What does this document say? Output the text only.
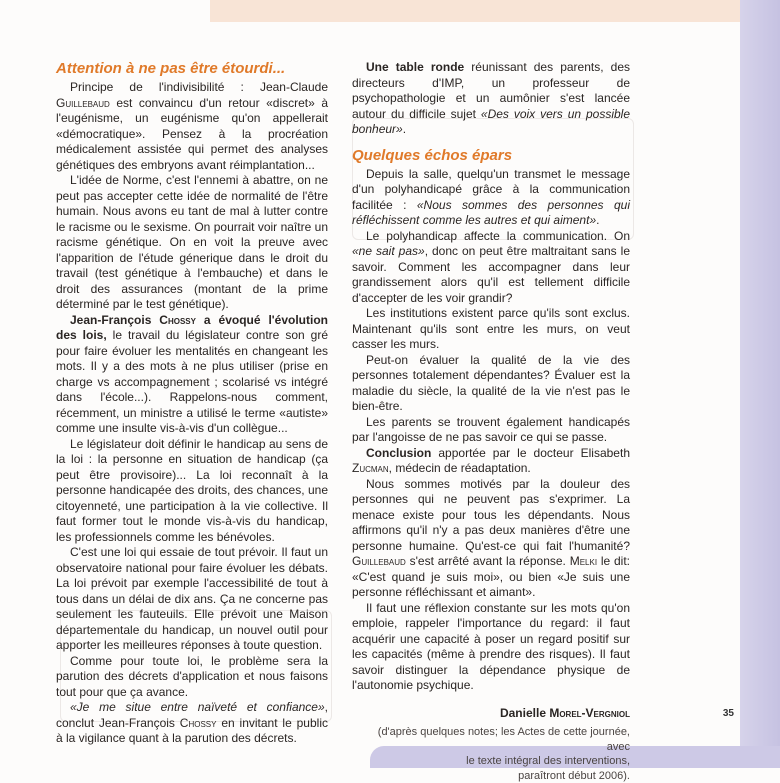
Attention à ne pas être étourdi...

Principe de l'indivisibilité : Jean-Claude Guillebaud est convaincu d'un retour «discret» à l'eugénisme, un eugénisme qu'on appellerait «démocratique». Pensez à la procréation médicalement assistée qui permet des analyses génétiques des embryons avant réimplantation...

L'idée de Norme, c'est l'ennemi à abattre, on ne peut pas accepter cette idée de normalité de l'être humain. Nous avons eu tant de mal à lutter contre le racisme ou le sexisme. On pourrait voir naître un racisme génétique. On en voit la preuve avec l'apparition de l'étude génerique dans le droit du travail (test génétique à l'embauche) et dans le droit des assurances (montant de la prime déterminé par le test génétique).

Jean-François Chossy a évoqué l'évolution des lois, le travail du législateur contre son gré pour faire évoluer les mentalités en changeant les mots. Il y a des mots à ne plus utiliser (prise en charge vs accompagnement ; scolarisé vs intégré dans l'école...). Rappelons-nous comment, récemment, un ministre a utilisé le terme «autiste» comme une insulte vis-à-vis d'un collègue...

Le législateur doit définir le handicap au sens de la loi : la personne en situation de handicap (ça peut être provisoire)... La loi reconnaît à la personne handicapée des droits, des chances, une citoyenneté, une participation à la vie collective. Il faut former tout le monde vis-à-vis du handicap, les professionnels comme les bénévoles.

C'est une loi qui essaie de tout prévoir. Il faut un observatoire national pour faire évoluer les débats. La loi prévoit par exemple l'accessibilité de tout à tous dans un délai de dix ans. Ça ne concerne pas seulement les fauteuils. Elle prévoit une Maison départementale du handicap, un nouvel outil pour apporter les meilleures réponses à toute question.

Comme pour toute loi, le problème sera la parution des décrets d'application et nous faisons tout pour que ça avance.

«Je me situe entre naïveté et confiance», conclut Jean-François Chossy en invitant le public à la vigilance quant à la parution des décrets.

Une table ronde réunissant des parents, des directeurs d'IMP, un professeur de psychopathologie et un aumônier s'est lancée autour du difficile sujet «Des voix vers un possible bonheur».

Quelques échos épars

Depuis la salle, quelqu'un transmet le message d'un polyhandicapé grâce à la communication facilitée : «Nous sommes des personnes qui réfléchissent comme les autres et qui aiment».

Le polyhandicap affecte la communication. On «ne sait pas», donc on peut être maltraitant sans le savoir. Comment les accompagner dans leur grandissement alors qu'il est tellement difficile d'accepter de les voir grandir?

Les institutions existent parce qu'ils sont exclus. Maintenant qu'ils sont entre les murs, on veut casser les murs.

Peut-on évaluer la qualité de la vie des personnes totalement dépendantes? Évaluer est la maladie du siècle, la qualité de la vie n'est pas le bien-être.

Les parents se trouvent également handicapés par l'angoisse de ne pas savoir ce qui se passe.

Conclusion apportée par le docteur Elisabeth Zucman, médecin de réadaptation.

Nous sommes motivés par la douleur des personnes qui ne peuvent pas s'exprimer. La menace existe pour tous les dépendants. Nous affirmons qu'il n'y a pas deux manières d'être une personne humaine. Qu'est-ce qui fait l'humanité? Guillebaud s'est arrêté avant la réponse. Melki le dit: «C'est quand je suis moi», ou bien «Je suis une personne réfléchissant et aimant».

Il faut une réflexion constante sur les mots qu'on emploie, rappeler l'importance du regard: il faut acquérir une capacité à poser un regard positif sur les capacités (même à prendre des risques). Il faut savoir distinguer la dépendance physique de l'autonomie psychique.

Danielle Morel-Vergniol
(d'après quelques notes; les Actes de cette journée, avec
le texte intégral des interventions,
paraîtront début 2006).
35
